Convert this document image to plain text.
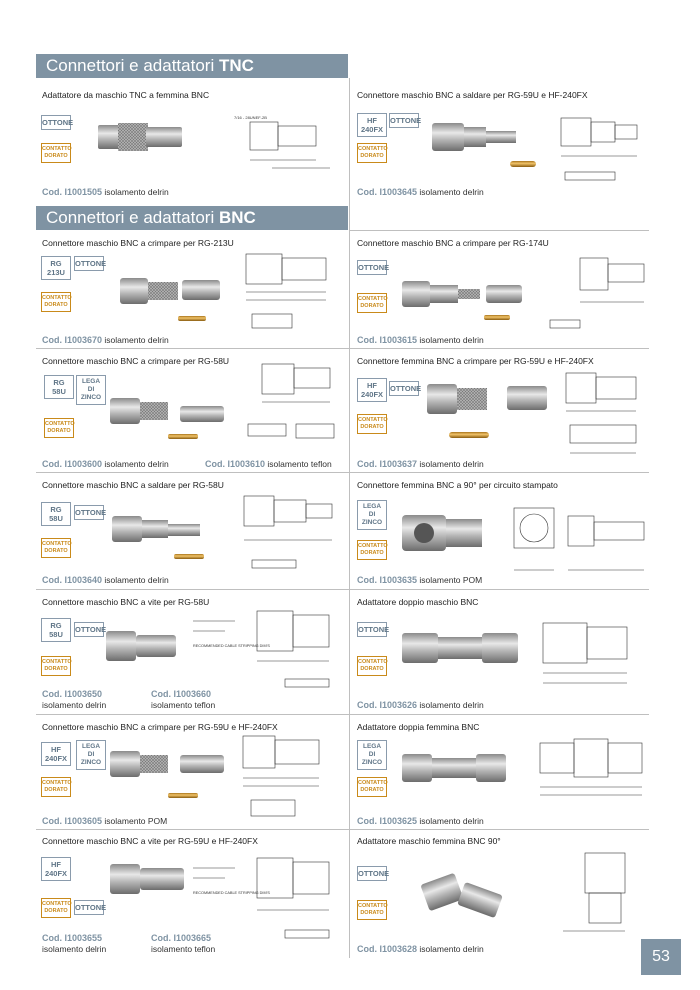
Connettori e adattatori TNC
Connettori e adattatori BNC
Adattatore da maschio TNC a femmina BNC
OTTONE
CONTATTO
DORATO
7/16 - 28UNEF-2B
Cod. I1001505 isolamento delrin
Connettore maschio BNC a saldare per RG-59U e HF-240FX
HF
240FX
OTTONE
CONTATTO
DORATO
Cod. I1003645 isolamento delrin
Connettore maschio BNC a crimpare per RG-213U
RG
213U
OTTONE
CONTATTO
DORATO
Cod. I1003670 isolamento delrin
Connettore maschio BNC a crimpare per RG-174U
OTTONE
CONTATTO
DORATO
Cod. I1003615 isolamento delrin
Connettore maschio BNC a crimpare per RG-58U
RG
58U
LEGA
DI
ZINCO
CONTATTO
DORATO
Cod. I1003600 isolamento delrin	Cod. I1003610 isolamento teflon
Connettore femmina BNC a crimpare per RG-59U e HF-240FX
HF
240FX
OTTONE
CONTATTO
DORATO
Cod. I1003637 isolamento delrin
Connettore maschio BNC a saldare per RG-58U
RG
58U
OTTONE
CONTATTO
DORATO
Cod. I1003640 isolamento delrin
Connettore femmina BNC a 90° per circuito stampato
LEGA
DI
ZINCO
CONTATTO
DORATO
Cod. I1003635 isolamento POM
Connettore maschio BNC a vite per RG-58U
RG
58U
OTTONE
CONTATTO
DORATO
RECOMMENDED CABLE STRIPPING DIM'S
Cod. I1003650
isolamento delrin
Cod. I1003660
isolamento teflon
Adattatore doppio maschio BNC
OTTONE
CONTATTO
DORATO
Cod. I1003626 isolamento delrin
Connettore maschio BNC a crimpare per RG-59U e HF-240FX
HF
240FX
LEGA
DI
ZINCO
CONTATTO
DORATO
Cod. I1003605 isolamento POM
Adattatore doppia femmina BNC
LEGA
DI
ZINCO
CONTATTO
DORATO
Cod. I1003625 isolamento delrin
Connettore maschio BNC a vite per RG-59U e HF-240FX
HF
240FX
CONTATTO
DORATO OTTONE
RECOMMENDED CABLE STRIPPING DIM'S
Cod. I1003655
isolamento delrin
Cod. I1003665
isolamento teflon
Adattatore maschio femmina BNC 90°
OTTONE
CONTATTO
DORATO
Cod. I1003628 isolamento delrin	53
